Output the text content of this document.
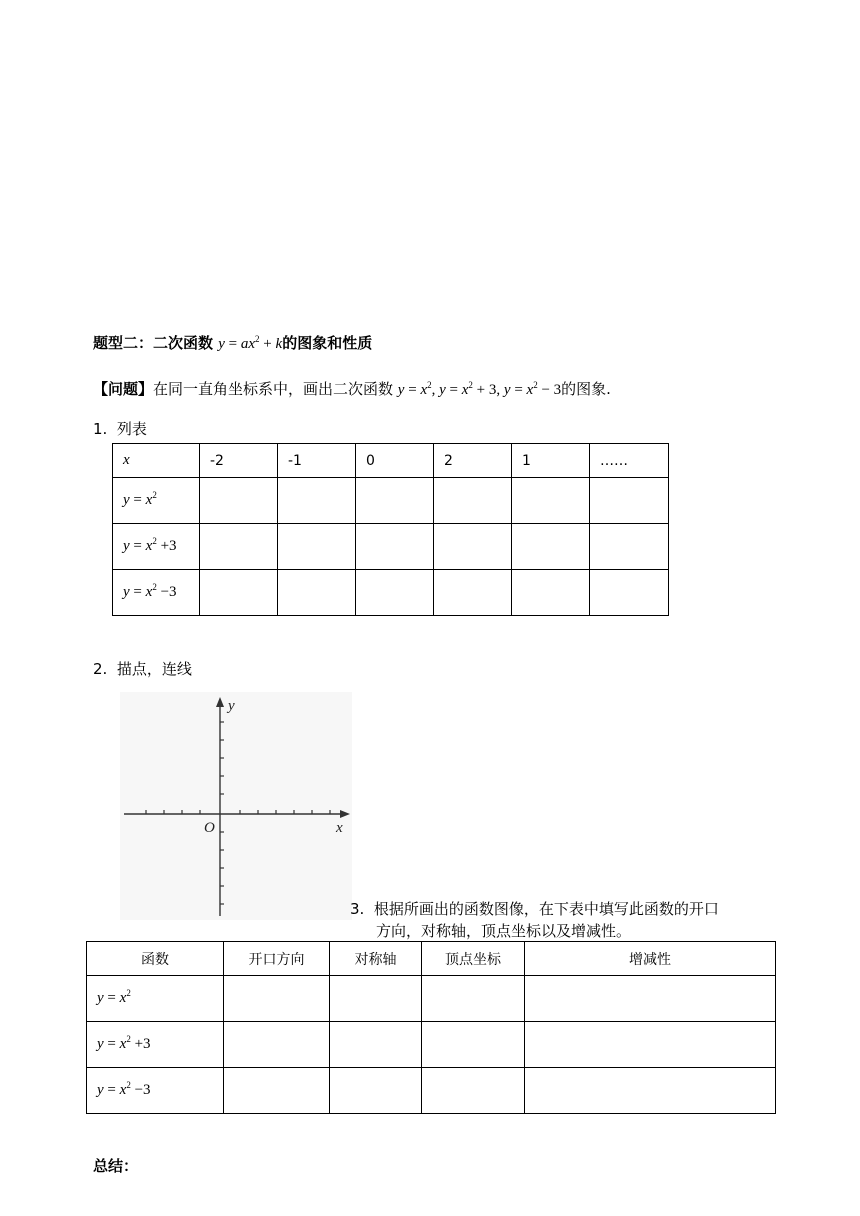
题型二：二次函数 $y = ax^2 + k$的图象和性质
【问题】在同一直角坐标系中，画出二次函数 $y = x^2$, $y = x^2 + 3$, $y = x^2 - 3$的图象.
1. 列表
x	-2	-1	0	2	1	……
$y = x^2$						
$y = x^2 +3$						
$y = x^2 -3$						
2. 描点，连线
y
x
O
3. 根据所画出的函数图像，在下表中填写此函数的开口
方向，对称轴，顶点坐标以及增减性。
函数	开口方向	对称轴	顶点坐标	增减性
$y = x^2$				
$y = x^2 +3$				
$y = x^2 -3$				
总结：
